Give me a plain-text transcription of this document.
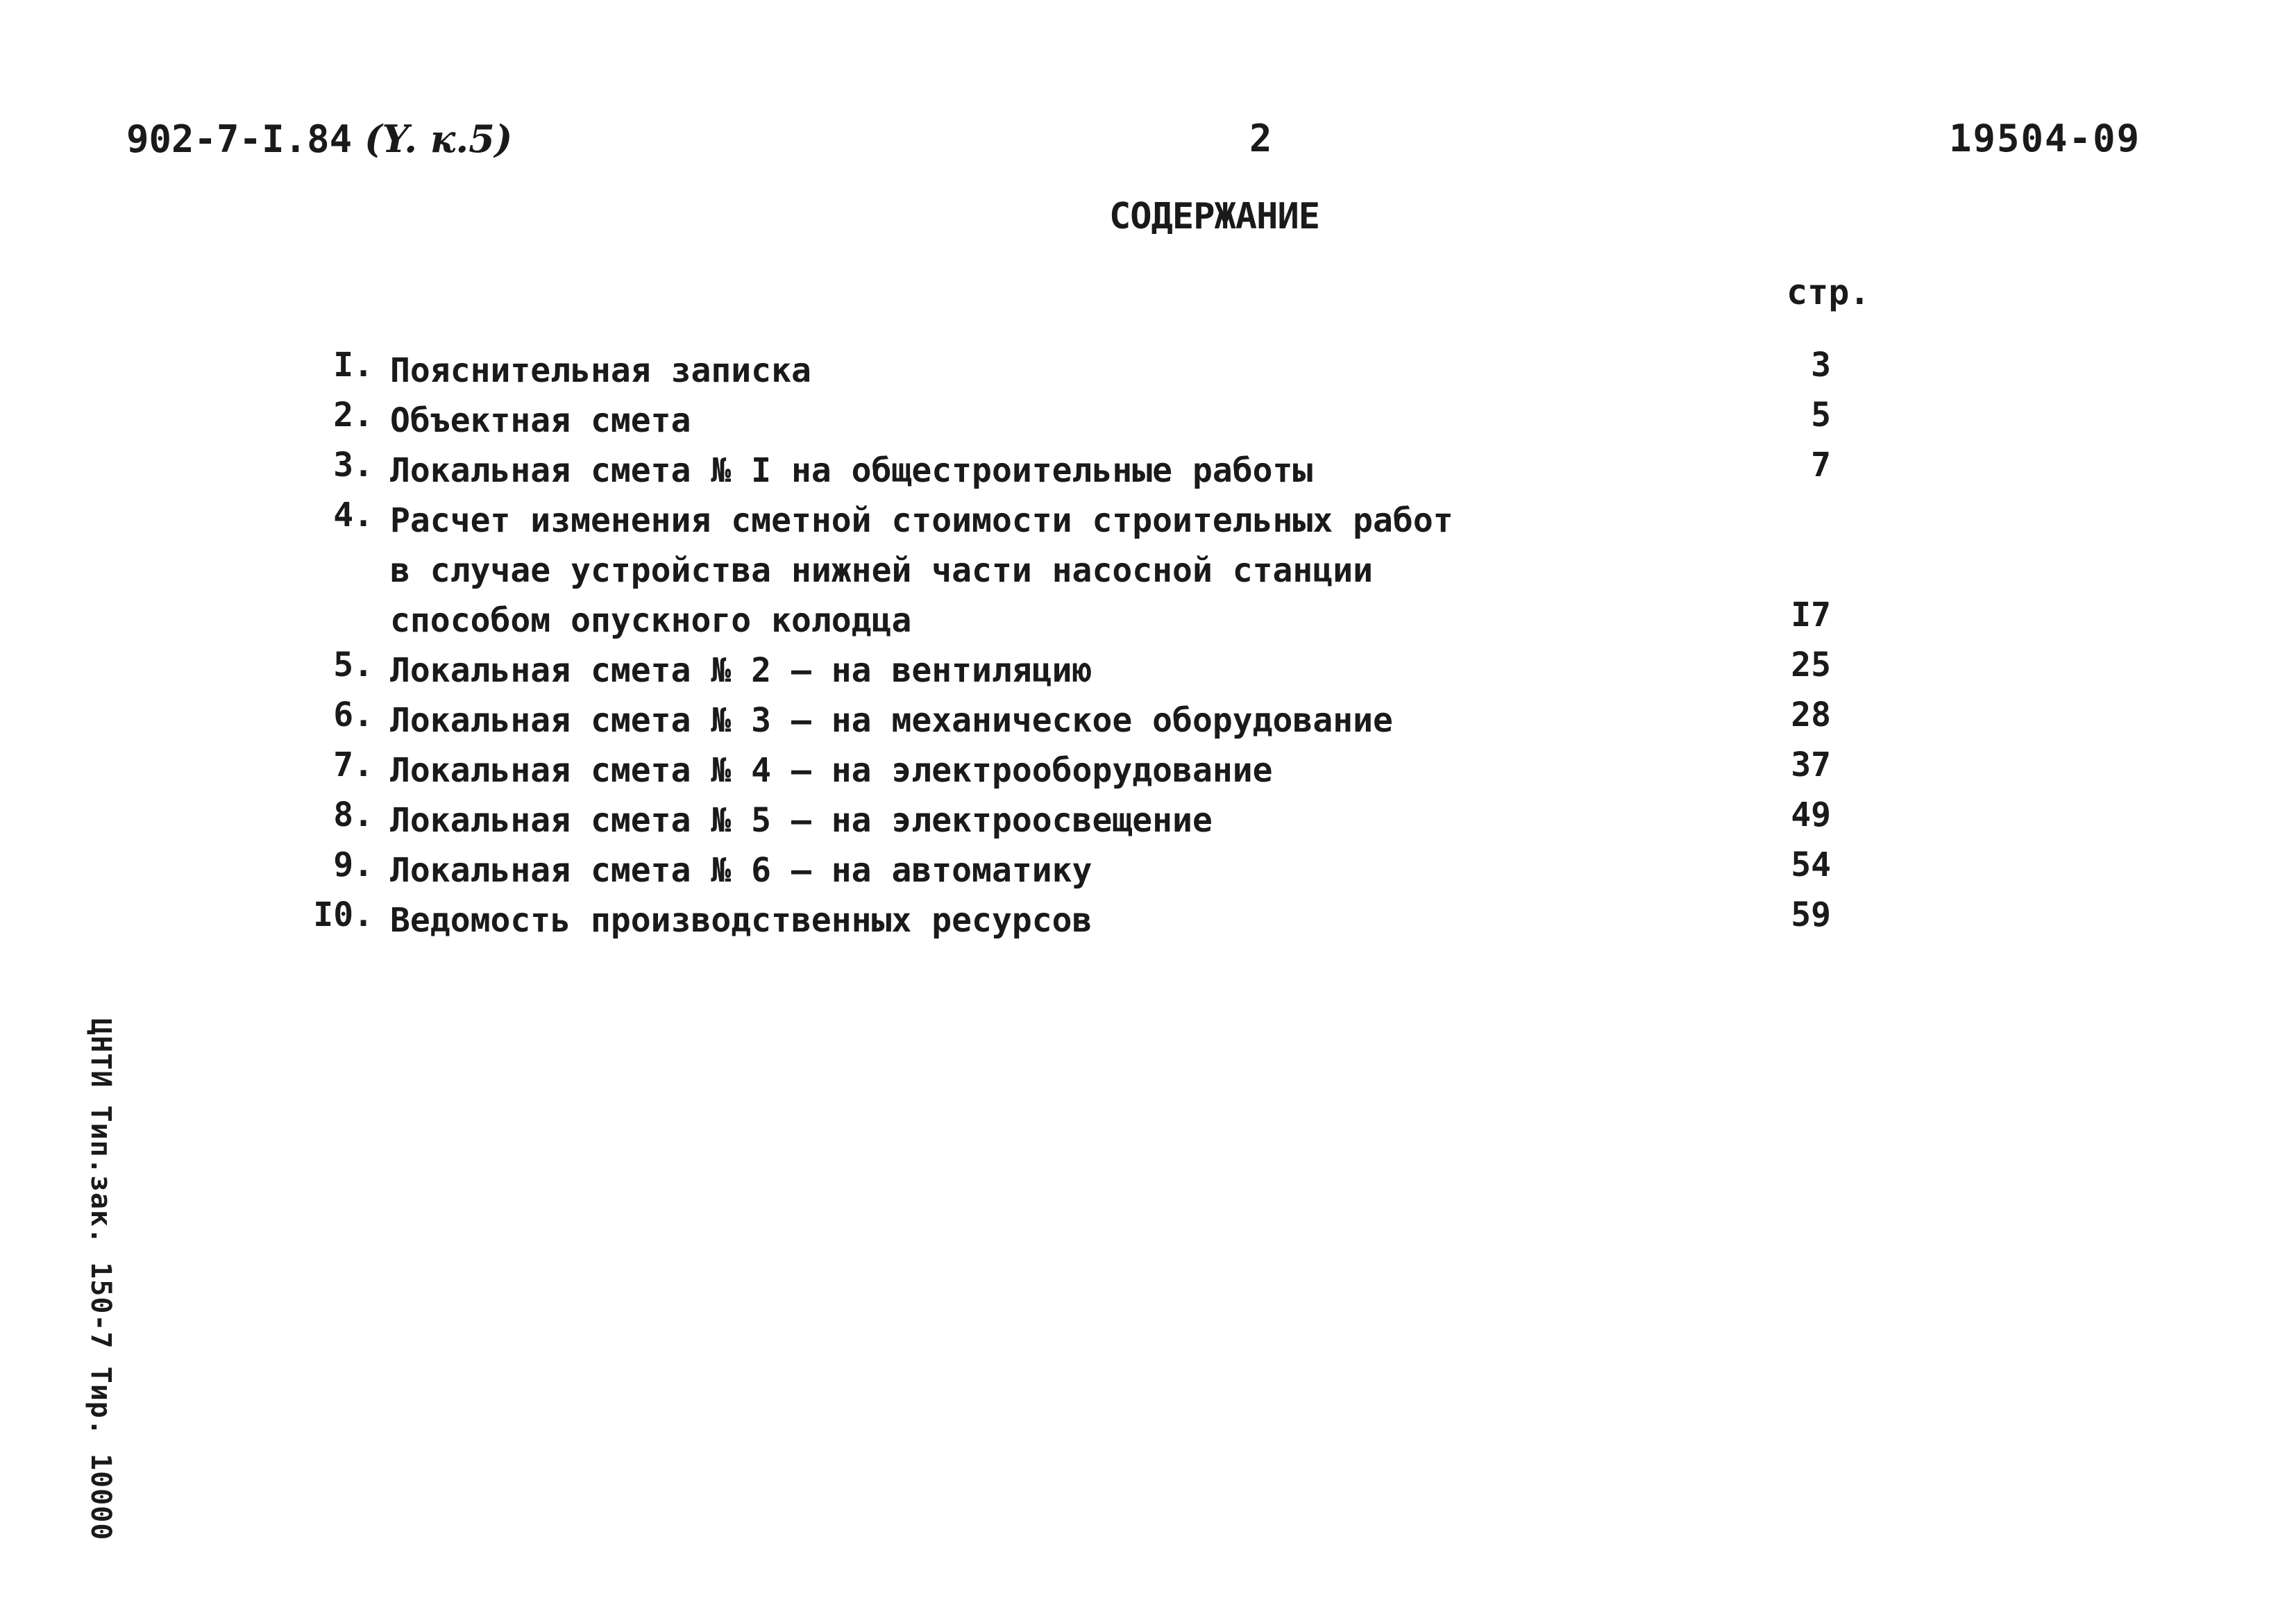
902-7-I.84 (Y. к.5)	2	19504-09
СОДЕРЖАНИЕ
стр.
I. Пояснительная записка	3
2. Объектная смета	5
3. Локальная смета № I на общестроительные работы	7
4. Расчет изменения сметной стоимости строительных работ
в случае устройства нижней части насосной станции
способом опускного колодца	I7
5. Локальная смета № 2 – на вентиляцию	25
6. Локальная смета № 3 – на механическое оборудование	28
7. Локальная смета № 4 – на электрооборудование	37
8. Локальная смета № 5 – на электроосвещение	49
9. Локальная смета № 6 – на автоматику	54
I0. Ведомость производственных ресурсов	59
ЦНТИ Тип.зак. 150-7 Тир. 10000
